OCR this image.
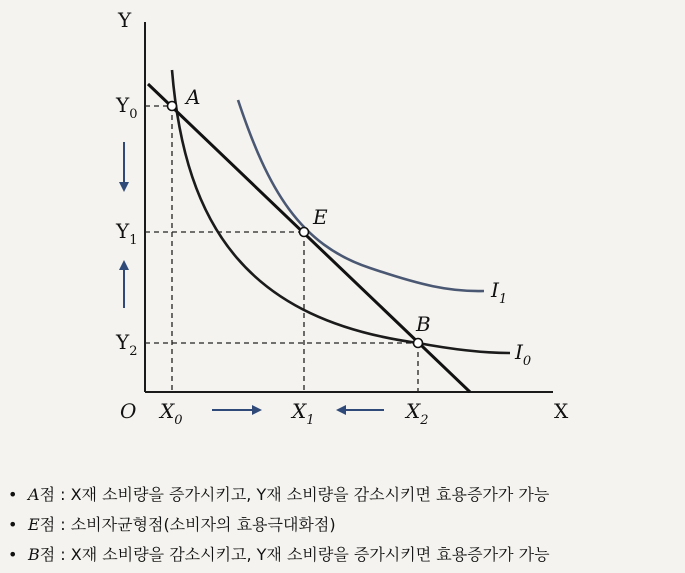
Y
X
O
$Y_0$
$Y_1$
$Y_2$
$X_0$	$X_1$	$X_2$
A
E
B
$I_1$
$I_0$
• A점 : X재 소비량을 증가시키고, Y재 소비량을 감소시키면 효용증가가 가능
• E점 : 소비자균형점(소비자의 효용극대화점)
• B점 : X재 소비량을 감소시키고, Y재 소비량을 증가시키면 효용증가가 가능
